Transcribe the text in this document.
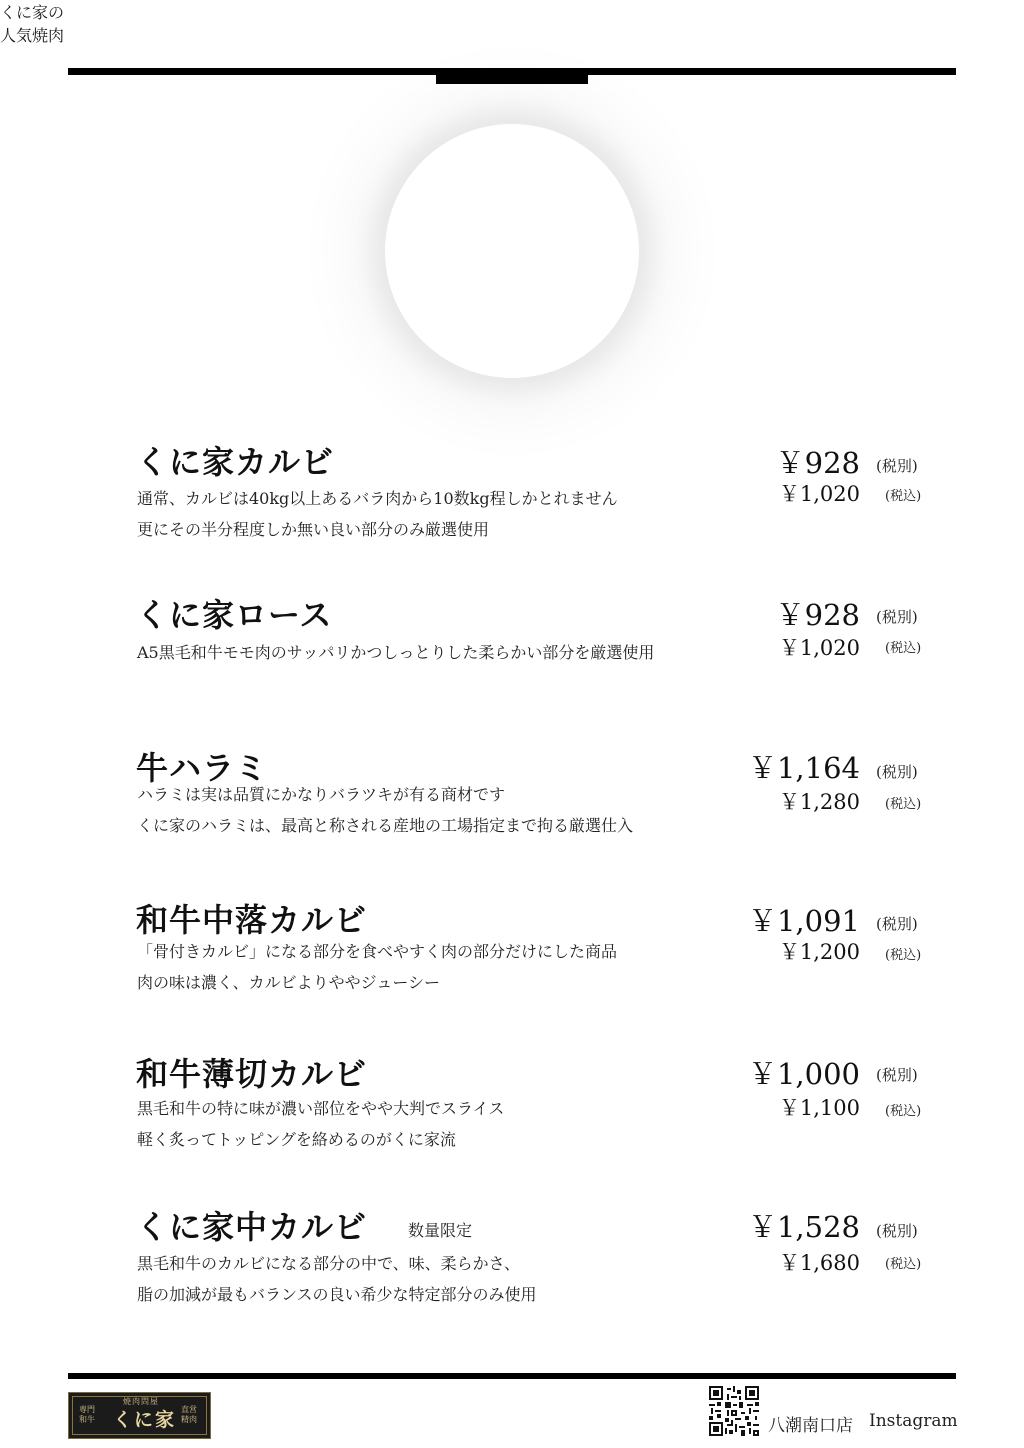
くに家の
人気焼肉
くに家カルビ
通常、カルビは40kg以上あるバラ肉から10数kg程しかとれません
更にその半分程度しか無い良い部分のみ厳選使用
￥928 (税別)
￥1,020 (税込)
くに家ロース
A5黒毛和牛モモ肉のサッパリかつしっとりした柔らかい部分を厳選使用
￥928 (税別)
￥1,020 (税込)
牛ハラミ
ハラミは実は品質にかなりバラツキが有る商材です
くに家のハラミは、最高と称される産地の工場指定まで拘る厳選仕入
￥1,164 (税別)
￥1,280 (税込)
和牛中落カルビ
「骨付きカルビ」になる部分を食べやすく肉の部分だけにした商品
肉の味は濃く、カルビよりややジューシー
￥1,091 (税別)
￥1,200 (税込)
和牛薄切カルビ
黒毛和牛の特に味が濃い部位をやや大判でスライス
軽く炙ってトッピングを絡めるのがくに家流
￥1,000 (税別)
￥1,100 (税込)
くに家中カルビ	数量限定
黒毛和牛のカルビになる部分の中で、味、柔らかさ、
脂の加減が最もバランスの良い希少な特定部分のみ使用
￥1,528 (税別)
￥1,680 (税込)
焼肉問屋
専門 和牛 くに家 直営 精肉	八潮南口店 Instagram
